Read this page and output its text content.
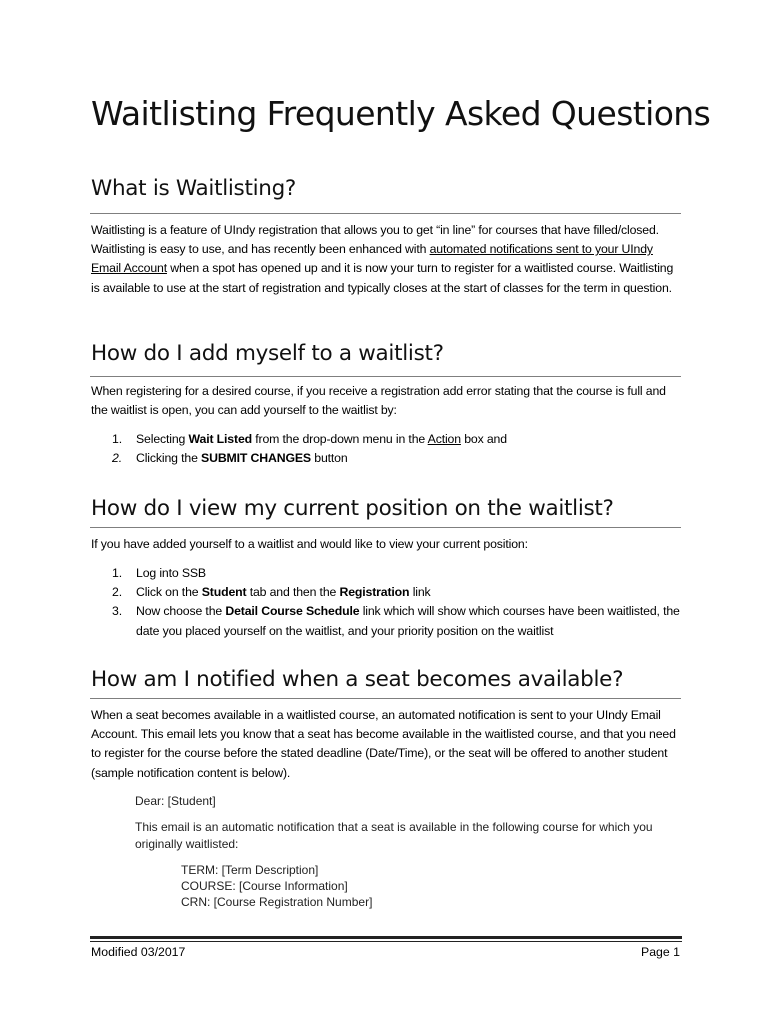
Waitlisting Frequently Asked Questions
What is Waitlisting?
Waitlisting is a feature of UIndy registration that allows you to get “in line” for courses that have filled/closed. Waitlisting is easy to use, and has recently been enhanced with automated notifications sent to your UIndy Email Account when a spot has opened up and it is now your turn to register for a waitlisted course. Waitlisting is available to use at the start of registration and typically closes at the start of classes for the term in question.
How do I add myself to a waitlist?
When registering for a desired course, if you receive a registration add error stating that the course is full and the waitlist is open, you can add yourself to the waitlist by:
1. Selecting Wait Listed from the drop-down menu in the Action box and
2. Clicking the SUBMIT CHANGES button
How do I view my current position on the waitlist?
If you have added yourself to a waitlist and would like to view your current position:
1. Log into SSB
2. Click on the Student tab and then the Registration link
3. Now choose the Detail Course Schedule link which will show which courses have been waitlisted, the date you placed yourself on the waitlist, and your priority position on the waitlist
How am I notified when a seat becomes available?
When a seat becomes available in a waitlisted course, an automated notification is sent to your UIndy Email Account. This email lets you know that a seat has become available in the waitlisted course, and that you need to register for the course before the stated deadline (Date/Time), or the seat will be offered to another student (sample notification content is below).
Dear: [Student]
This email is an automatic notification that a seat is available in the following course for which you originally waitlisted:
TERM: [Term Description]
COURSE: [Course Information]
CRN: [Course Registration Number]
Modified 03/2017	Page 1
